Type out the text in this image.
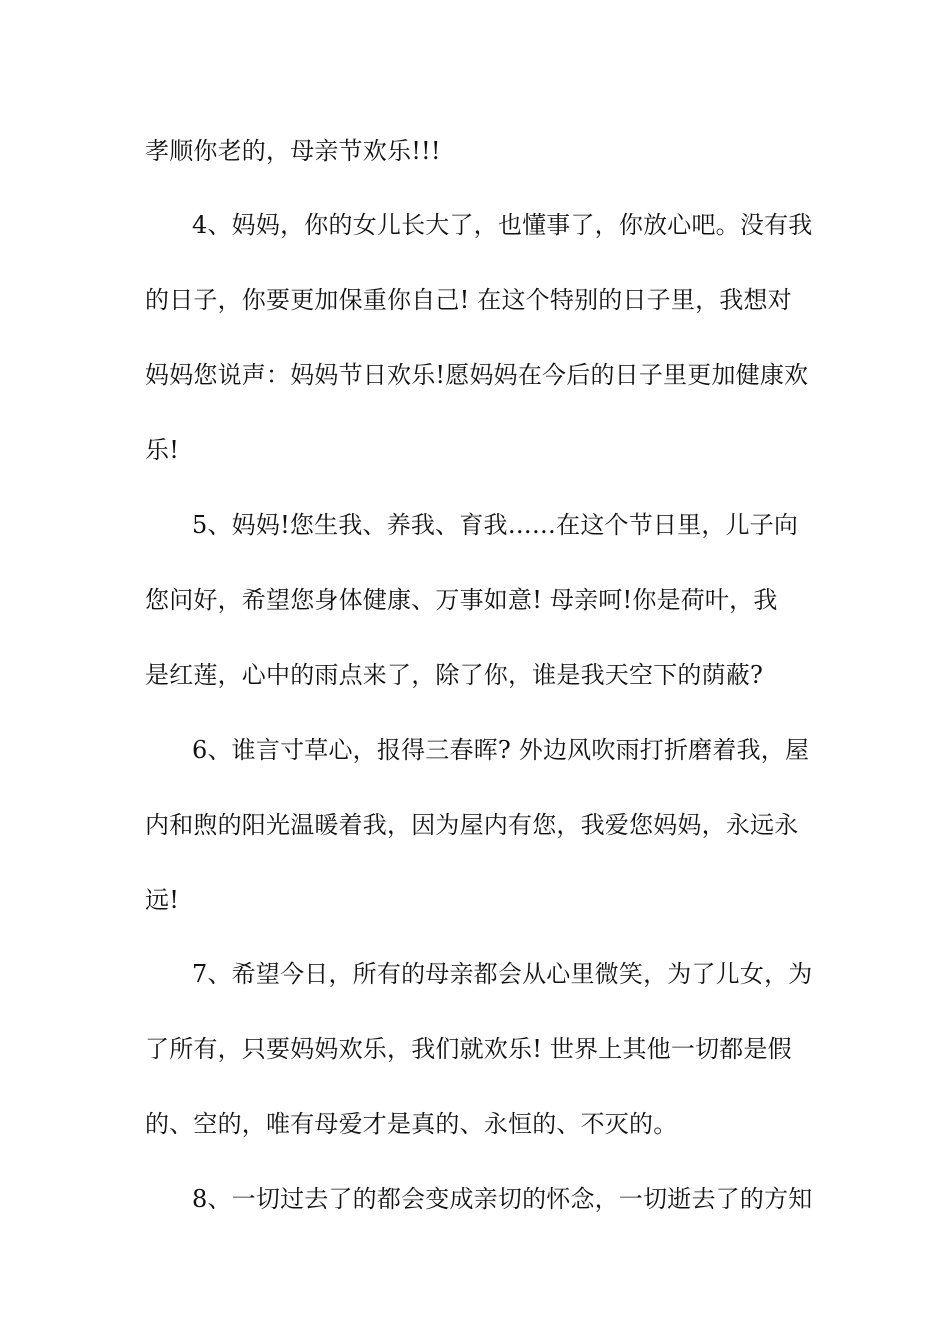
孝顺你老的，母亲节欢乐!!!
4、妈妈，你的女儿长大了，也懂事了，你放心吧。没有我
的日子，你要更加保重你自己! 在这个特别的日子里，我想对
妈妈您说声：妈妈节日欢乐!愿妈妈在今后的日子里更加健康欢
乐!
5、妈妈!您生我、养我、育我……在这个节日里，儿子向
您问好，希望您身体健康、万事如意! 母亲呵!你是荷叶，我
是红莲，心中的雨点来了，除了你，谁是我天空下的荫蔽?
6、谁言寸草心，报得三春晖? 外边风吹雨打折磨着我，屋
内和煦的阳光温暖着我，因为屋内有您，我爱您妈妈，永远永
远!
7、希望今日，所有的母亲都会从心里微笑，为了儿女，为
了所有，只要妈妈欢乐，我们就欢乐! 世界上其他一切都是假
的、空的，唯有母爱才是真的、永恒的、不灭的。
8、一切过去了的都会变成亲切的怀念，一切逝去了的方知
